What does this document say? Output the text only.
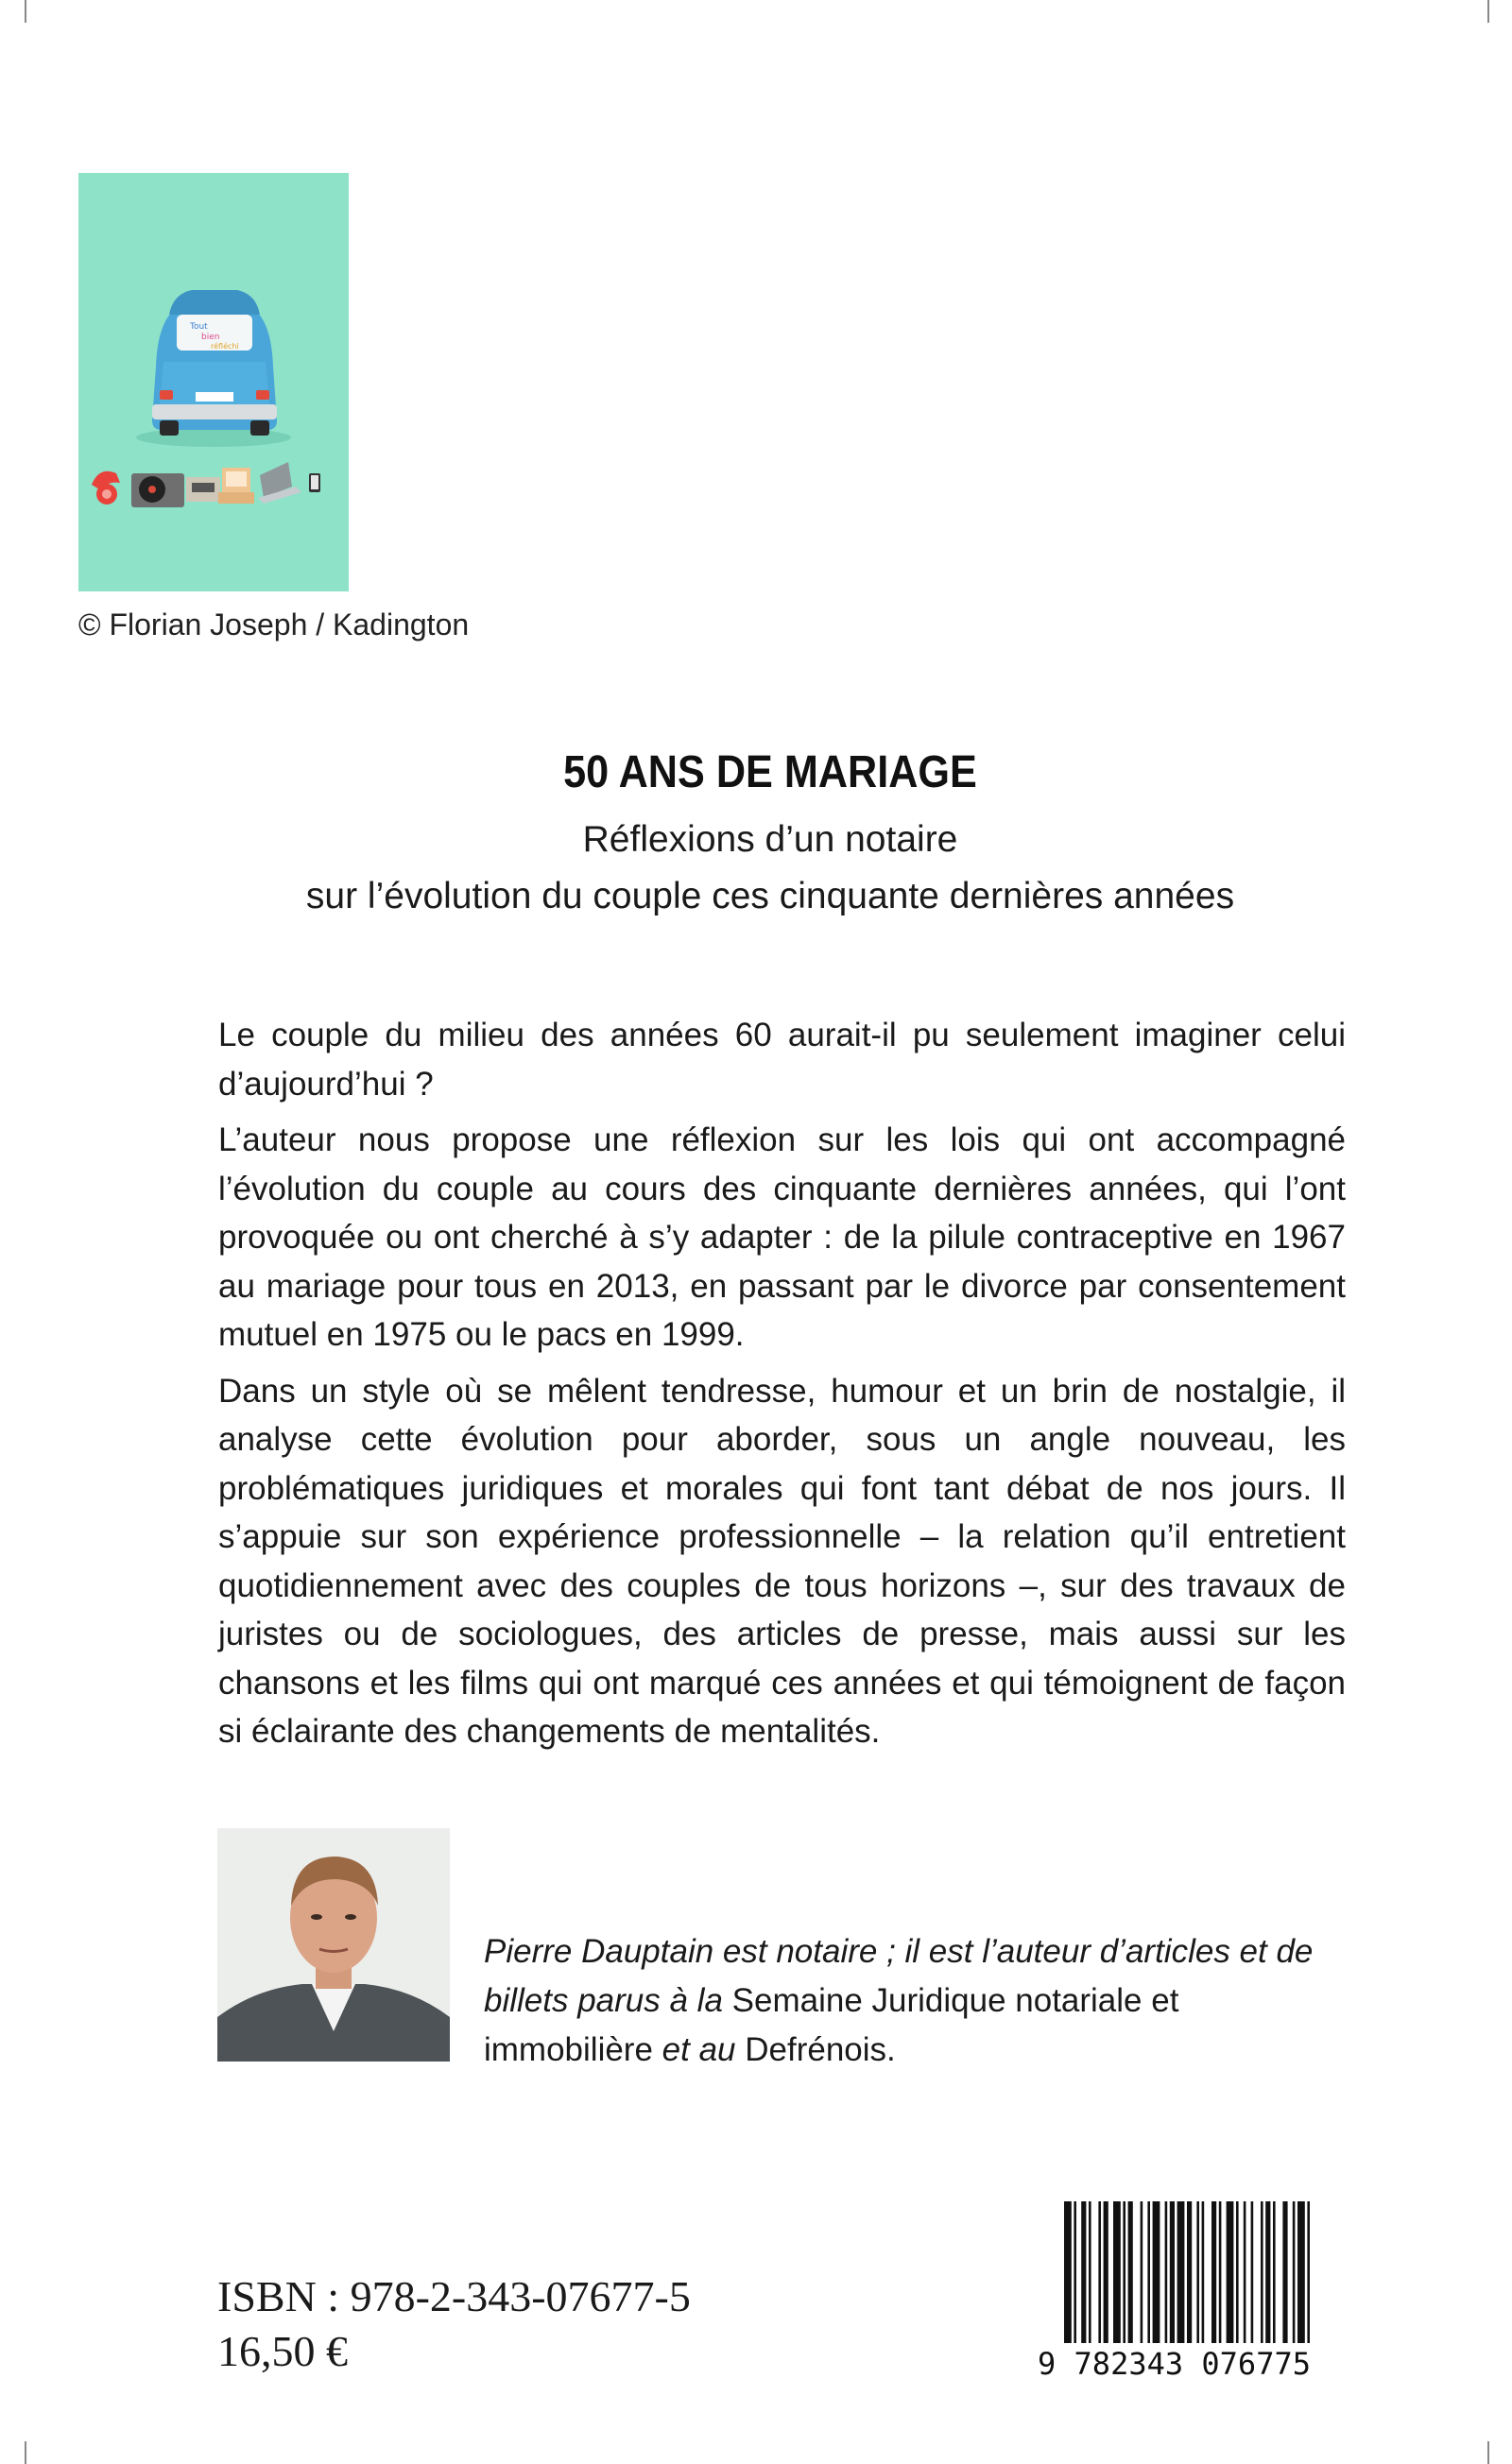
Tout
bien
réfléchi
© Florian Joseph / Kadington
50 ANS DE MARIAGE
Réflexions d’un notaire
sur l’évolution du couple ces cinquante dernières années

Le couple du milieu des années 60 aurait-il pu seulement imaginer celui d’aujourd’hui ?

L’auteur nous propose une réflexion sur les lois qui ont accompagné l’évolution du couple au cours des cinquante dernières années, qui l’ont provoquée ou ont cherché à s’y adapter : de la pilule contraceptive en 1967 au mariage pour tous en 2013, en passant par le divorce par consentement mutuel en 1975 ou le pacs en 1999.

Dans un style où se mêlent tendresse, humour et un brin de nostalgie, il analyse cette évolution pour aborder, sous un angle nouveau, les problématiques juridiques et morales qui font tant débat de nos jours. Il s’appuie sur son expérience professionnelle – la relation qu’il entretient quotidiennement avec des couples de tous horizons –, sur des travaux de juristes ou de sociologues, des articles de presse, mais aussi sur les chansons et les films qui ont marqué ces années et qui témoignent de façon si éclairante des changements de mentalités.

Pierre Dauptain est notaire ; il est l’auteur d’articles et de billets parus à la Semaine Juridique notariale et immobilière et au Defrénois.
ISBN : 978-2-343-07677-5
16,50 €	9 782343 076775
